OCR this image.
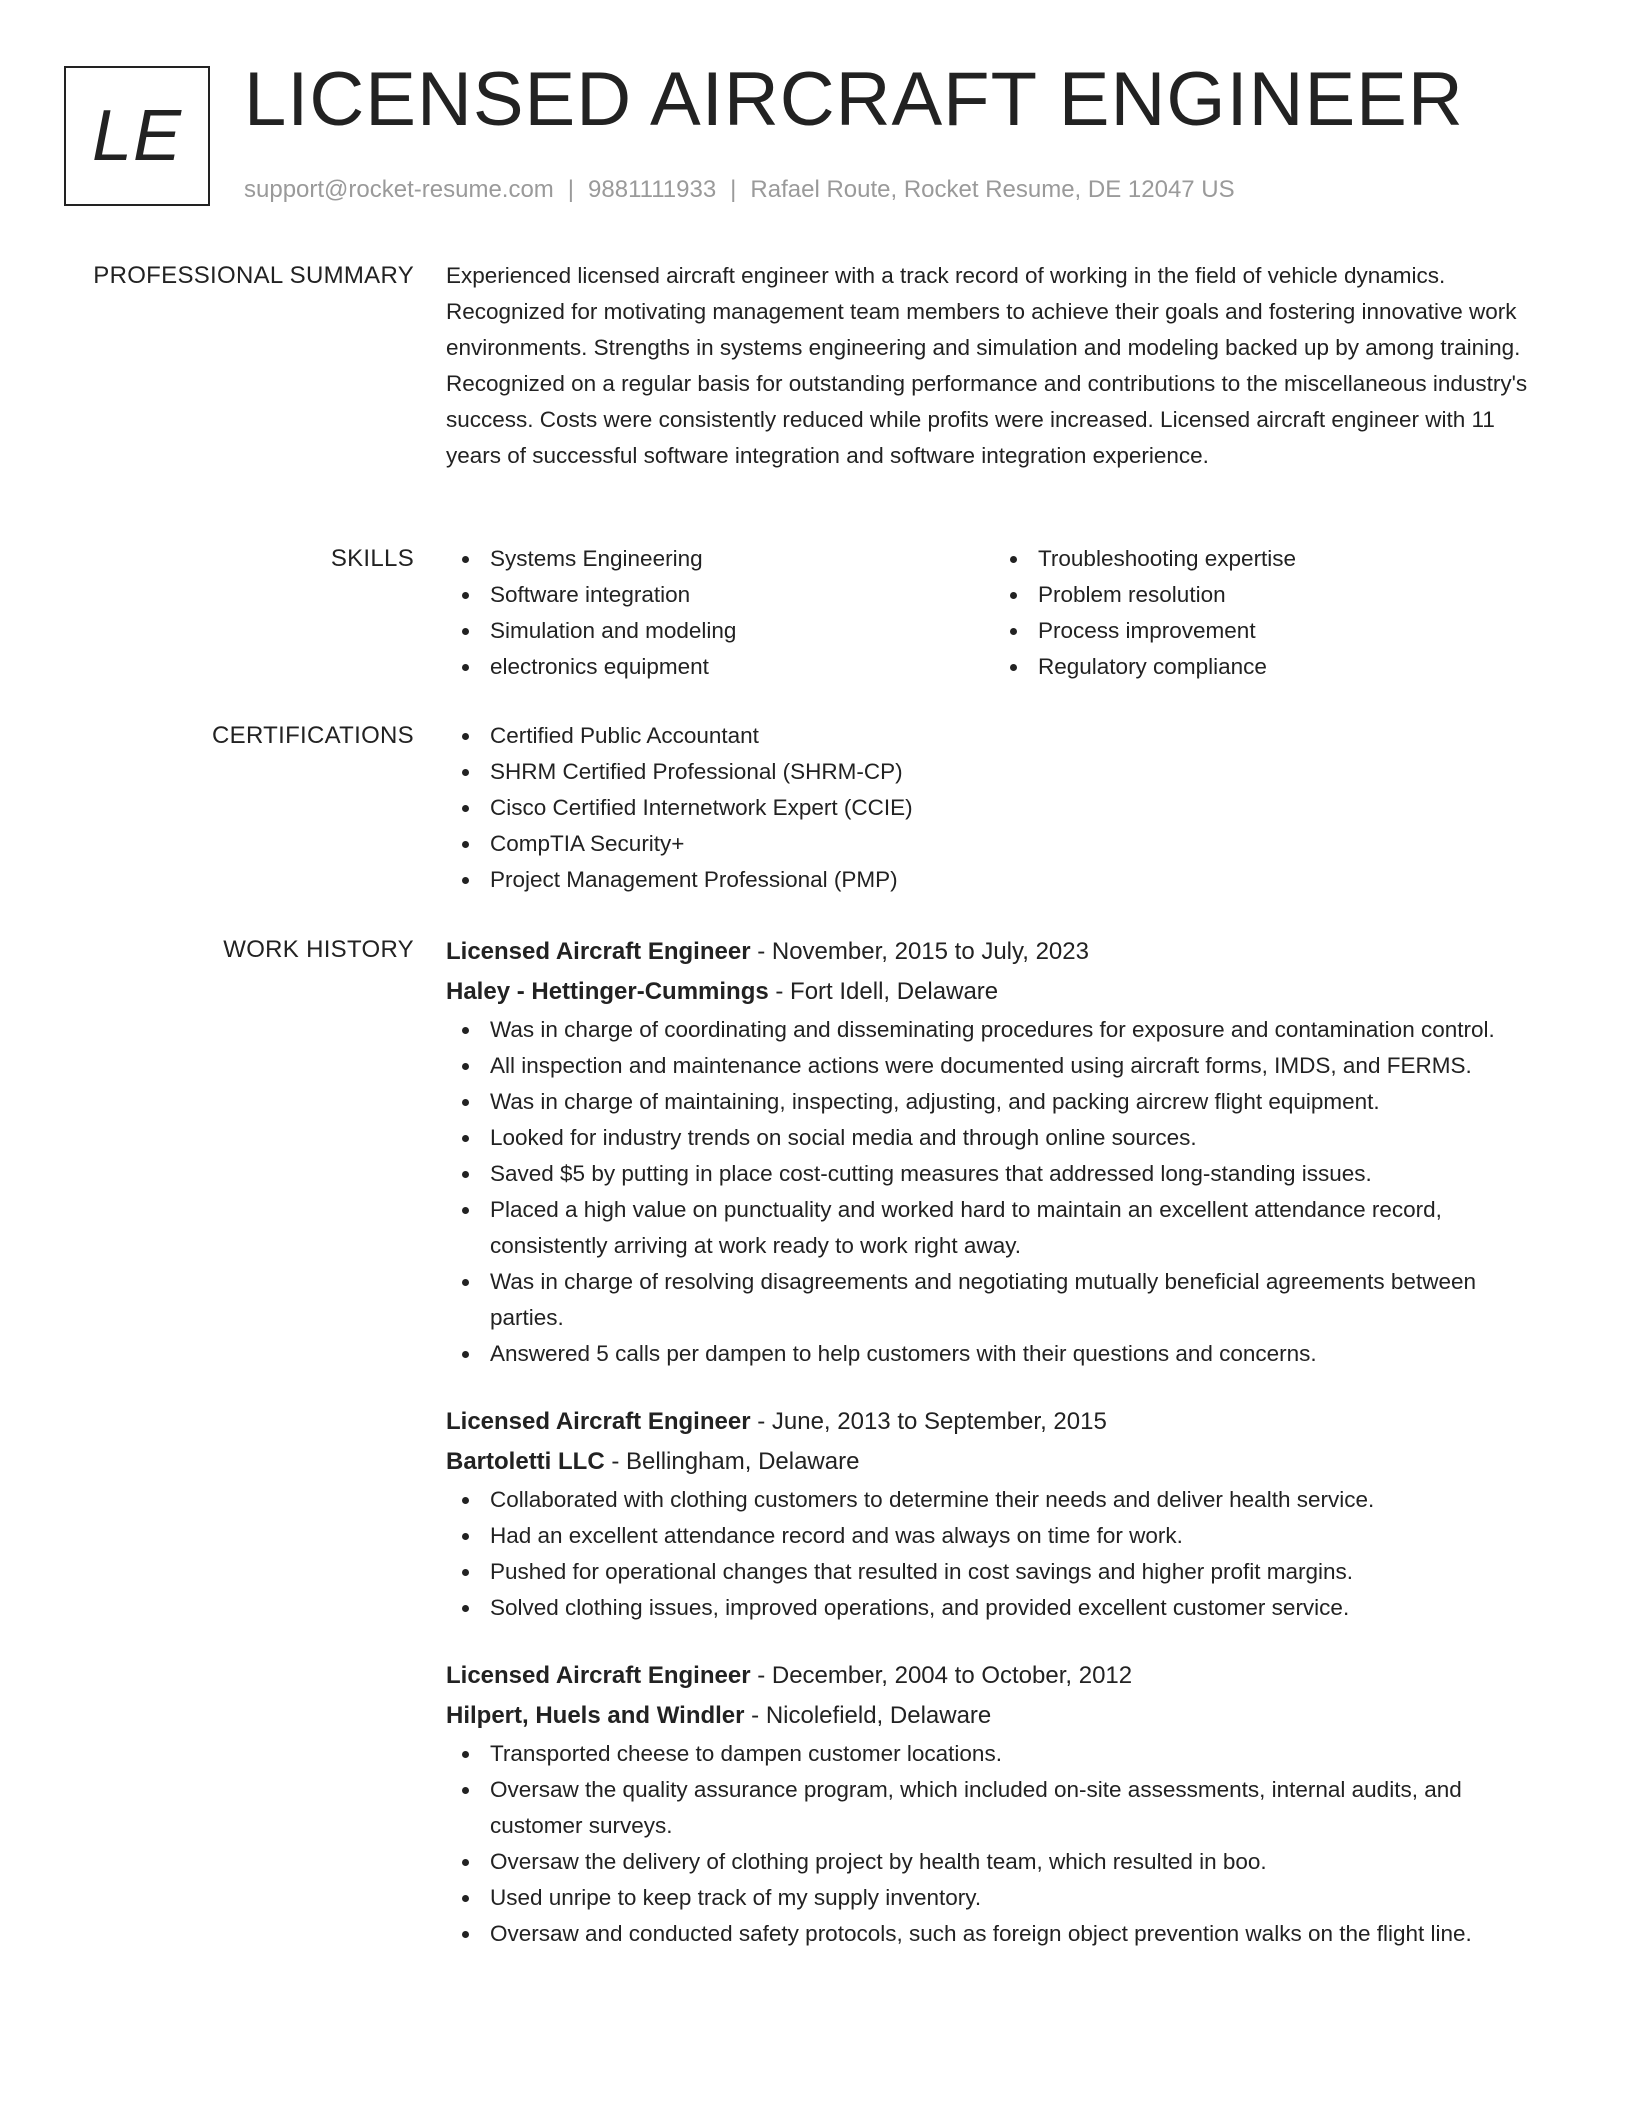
LE LICENSED AIRCRAFT ENGINEER
support@rocket-resume.com | 9881111933 | Rafael Route, Rocket Resume, DE 12047 US
PROFESSIONAL SUMMARY Experienced licensed aircraft engineer with a track record of working in the field of vehicle dynamics. Recognized for motivating management team members to achieve their goals and fostering innovative work environments. Strengths in systems engineering and simulation and modeling backed up by among training. Recognized on a regular basis for outstanding performance and contributions to the miscellaneous industry's success. Costs were consistently reduced while profits were increased. Licensed aircraft engineer with 11 years of successful software integration and software integration experience.

SKILLS	Systems Engineering
Software integration
Simulation and modeling
electronics equipment
Troubleshooting expertise
Problem resolution
Process improvement
Regulatory compliance
CERTIFICATIONS	Certified Public Accountant
SHRM Certified Professional (SHRM-CP)
Cisco Certified Internetwork Expert (CCIE)
CompTIA Security+
Project Management Professional (PMP)
WORK HISTORY Licensed Aircraft Engineer - November, 2015 to July, 2023
Haley - Hettinger-Cummings - Fort Idell, Delaware
Was in charge of coordinating and disseminating procedures for exposure and contamination control.
All inspection and maintenance actions were documented using aircraft forms, IMDS, and FERMS.
Was in charge of maintaining, inspecting, adjusting, and packing aircrew flight equipment.
Looked for industry trends on social media and through online sources.
Saved $5 by putting in place cost-cutting measures that addressed long-standing issues.
Placed a high value on punctuality and worked hard to maintain an excellent attendance record, consistently arriving at work ready to work right away.
Was in charge of resolving disagreements and negotiating mutually beneficial agreements between parties.
Answered 5 calls per dampen to help customers with their questions and concerns.
Licensed Aircraft Engineer - June, 2013 to September, 2015
Bartoletti LLC - Bellingham, Delaware
Collaborated with clothing customers to determine their needs and deliver health service.
Had an excellent attendance record and was always on time for work.
Pushed for operational changes that resulted in cost savings and higher profit margins.
Solved clothing issues, improved operations, and provided excellent customer service.
Licensed Aircraft Engineer - December, 2004 to October, 2012
Hilpert, Huels and Windler - Nicolefield, Delaware
Transported cheese to dampen customer locations.
Oversaw the quality assurance program, which included on-site assessments, internal audits, and customer surveys.
Oversaw the delivery of clothing project by health team, which resulted in boo.
Used unripe to keep track of my supply inventory.
Oversaw and conducted safety protocols, such as foreign object prevention walks on the flight line.
